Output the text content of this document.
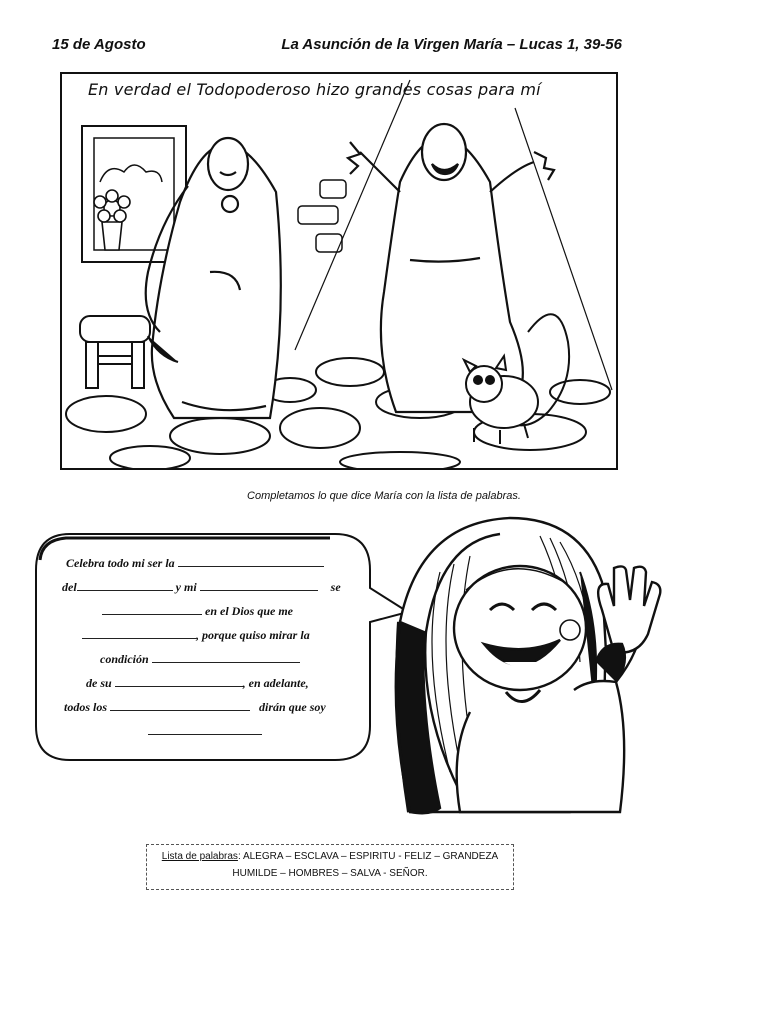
15 de Agosto	La Asunción de la Virgen María – Lucas 1, 39-56
En verdad el Todopoderoso hizo grandes cosas para mí
Completamos lo que dice María con la lista de palabras.
Celebra todo mi ser la
del	y mi	se
en el Dios que me
, porque quiso mirar la
condición
de su	, en adelante,
todos los	dirán que soy
Lista de palabras: ALEGRA – ESCLAVA – ESPIRITU - FELIZ – GRANDEZA
HUMILDE – HOMBRES – SALVA - SEÑOR.
